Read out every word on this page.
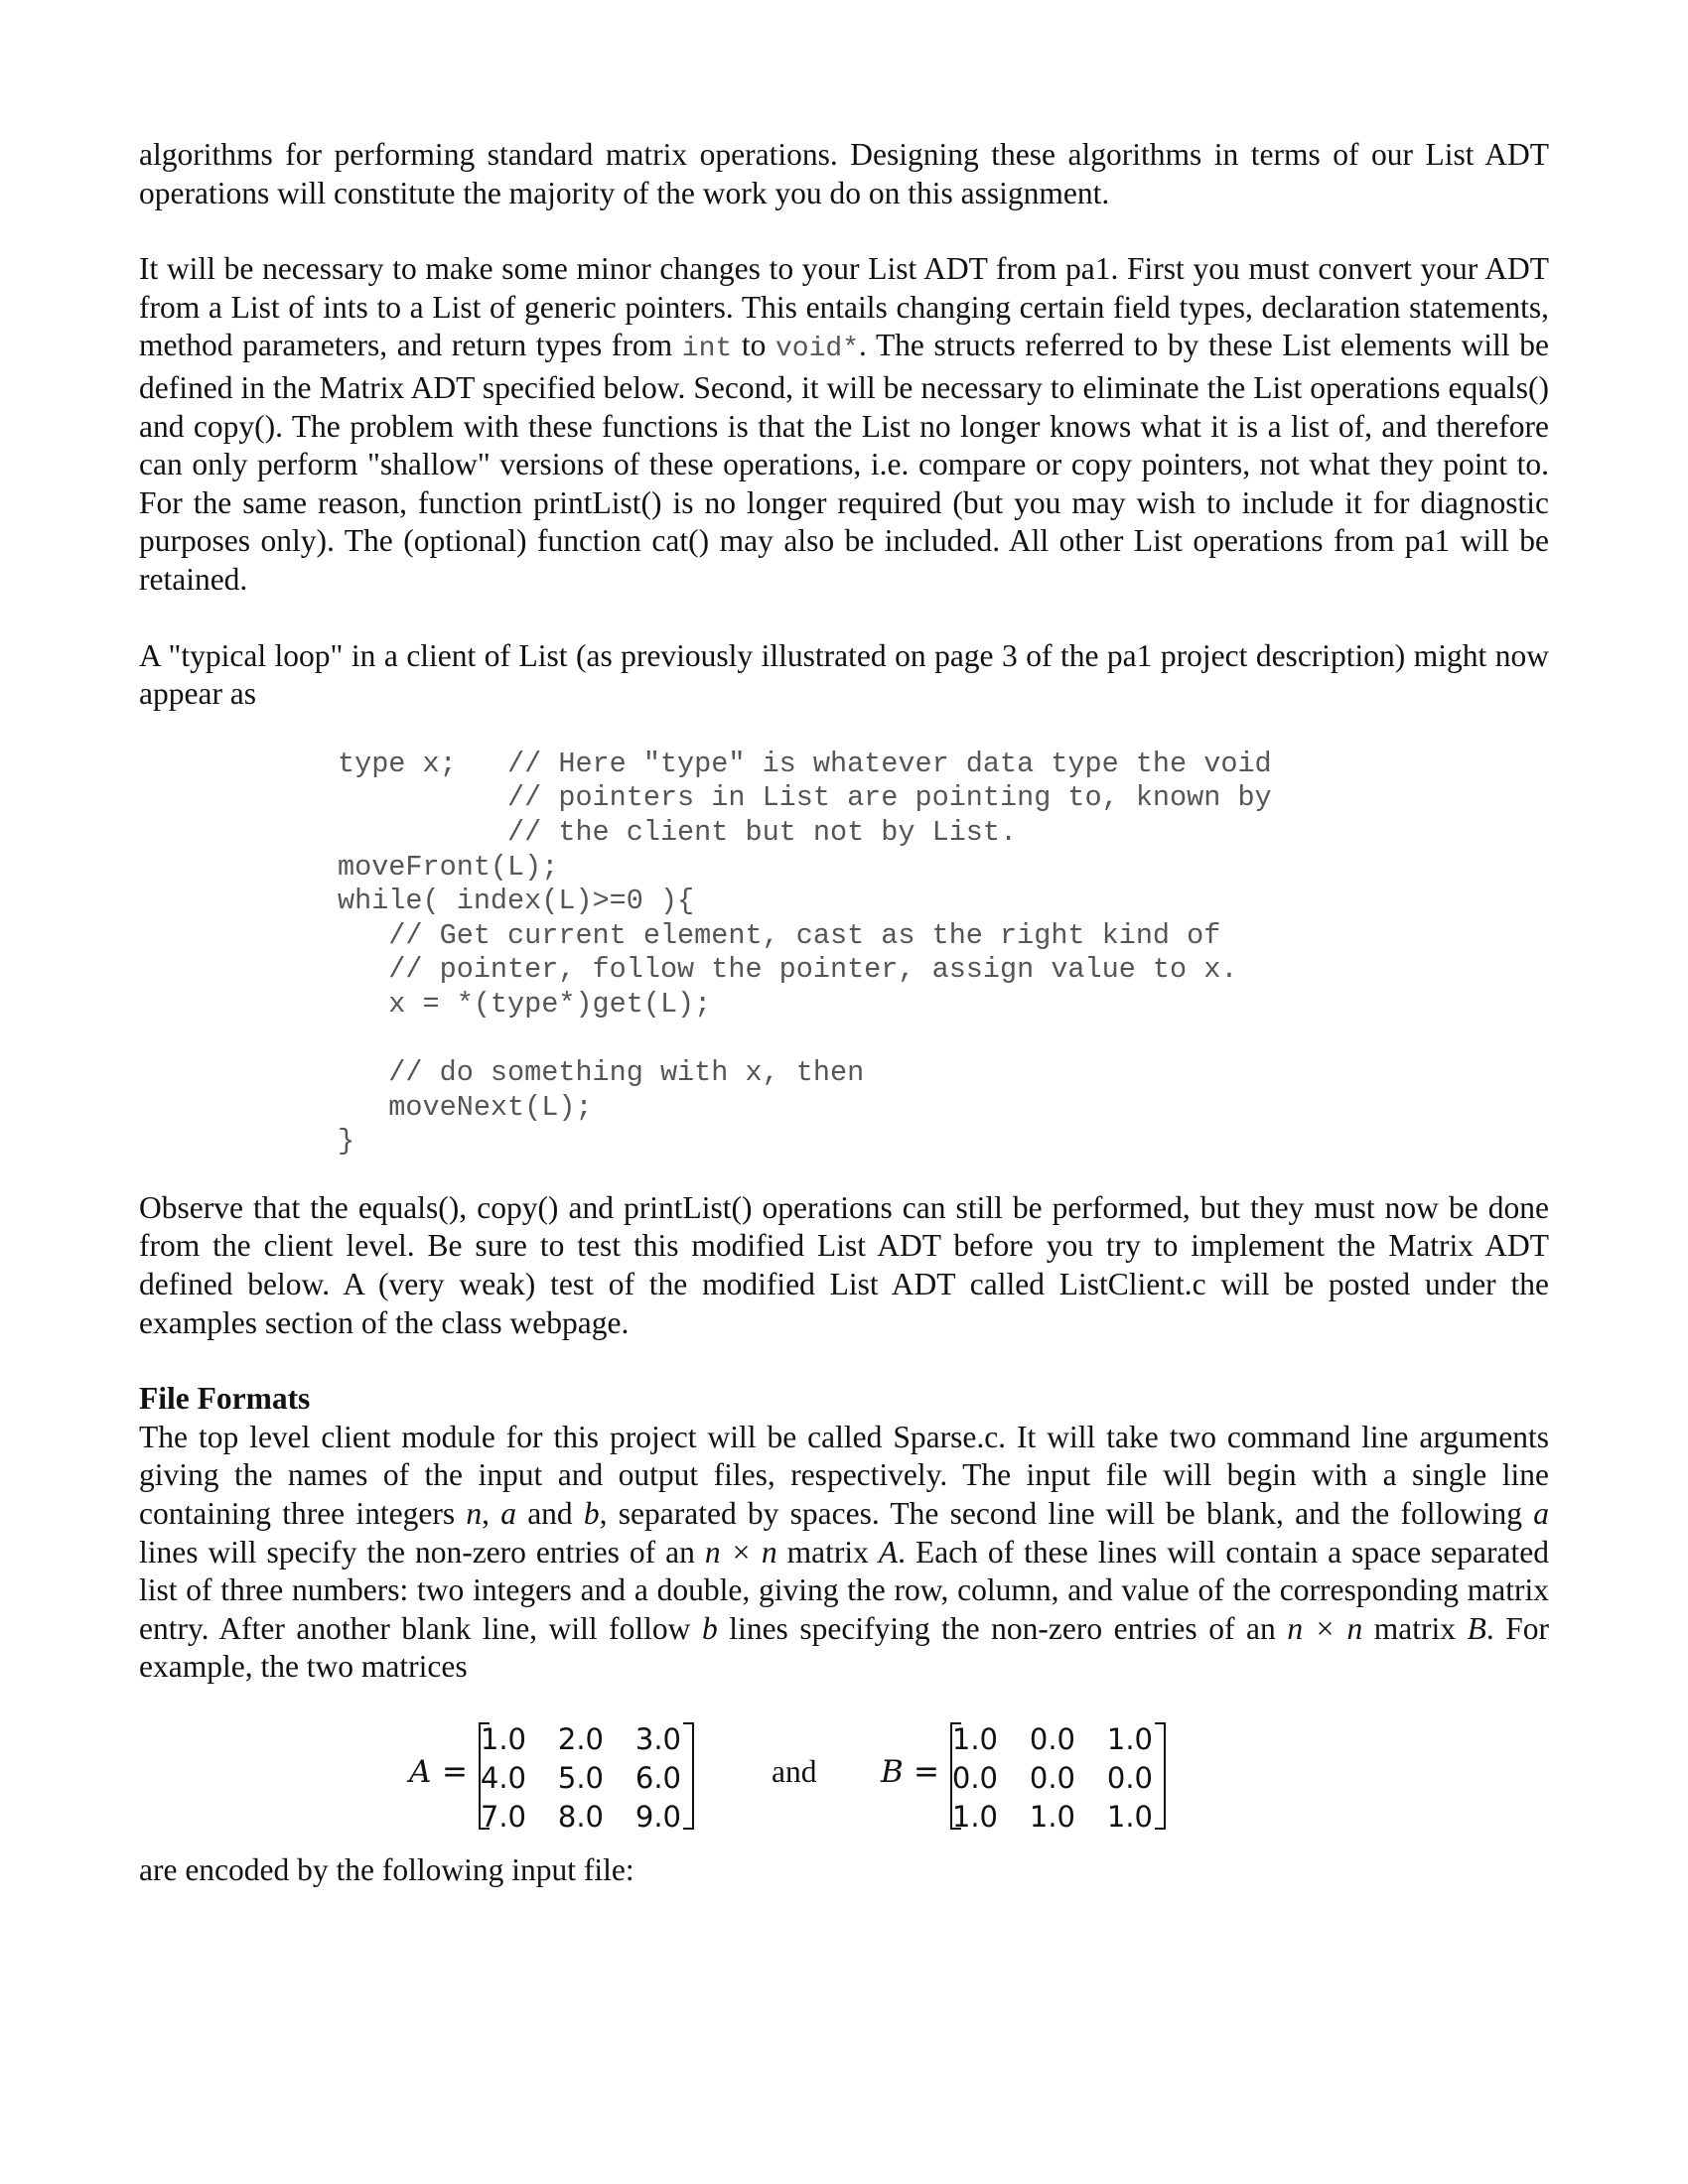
algorithms for performing standard matrix operations. Designing these algorithms in terms of our List ADT operations will constitute the majority of the work you do on this assignment.

It will be necessary to make some minor changes to your List ADT from pa1. First you must convert your ADT from a List of ints to a List of generic pointers. This entails changing certain field types, declaration statements, method parameters, and return types from int to void*. The structs referred to by these List elements will be defined in the Matrix ADT specified below. Second, it will be necessary to eliminate the List operations equals() and copy(). The problem with these functions is that the List no longer knows what it is a list of, and therefore can only perform "shallow" versions of these operations, i.e. compare or copy pointers, not what they point to. For the same reason, function printList() is no longer required (but you may wish to include it for diagnostic purposes only). The (optional) function cat() may also be included. All other List operations from pa1 will be retained.

A "typical loop" in a client of List (as previously illustrated on page 3 of the pa1 project description) might now appear as

type x;   // Here "type" is whatever data type the void
// pointers in List are pointing to, known by
// the client but not by List.
moveFront(L);
while( index(L)>=0 ){
// Get current element, cast as the right kind of
// pointer, follow the pointer, assign value to x.
x = *(type*)get(L);

// do something with x, then
moveNext(L);
}

Observe that the equals(), copy() and printList() operations can still be performed, but they must now be done from the client level. Be sure to test this modified List ADT before you try to implement the Matrix ADT defined below. A (very weak) test of the modified List ADT called ListClient.c will be posted under the examples section of the class webpage.

File Formats
The top level client module for this project will be called Sparse.c. It will take two command line arguments giving the names of the input and output files, respectively. The input file will begin with a single line containing three integers n, a and b, separated by spaces. The second line will be blank, and the following a lines will specify the non-zero entries of an n × n matrix A. Each of these lines will contain a space separated list of three numbers: two integers and a double, giving the row, column, and value of the corresponding matrix entry. After another blank line, will follow b lines specifying the non-zero entries of an n × n matrix B. For example, the two matrices

A =
1.0	2.0	3.0
4.0	5.0	6.0
7.0	8.0	9.0
and B =
1.0	0.0	1.0
0.0	0.0	0.0
1.0	1.0	1.0

are encoded by the following input file:
